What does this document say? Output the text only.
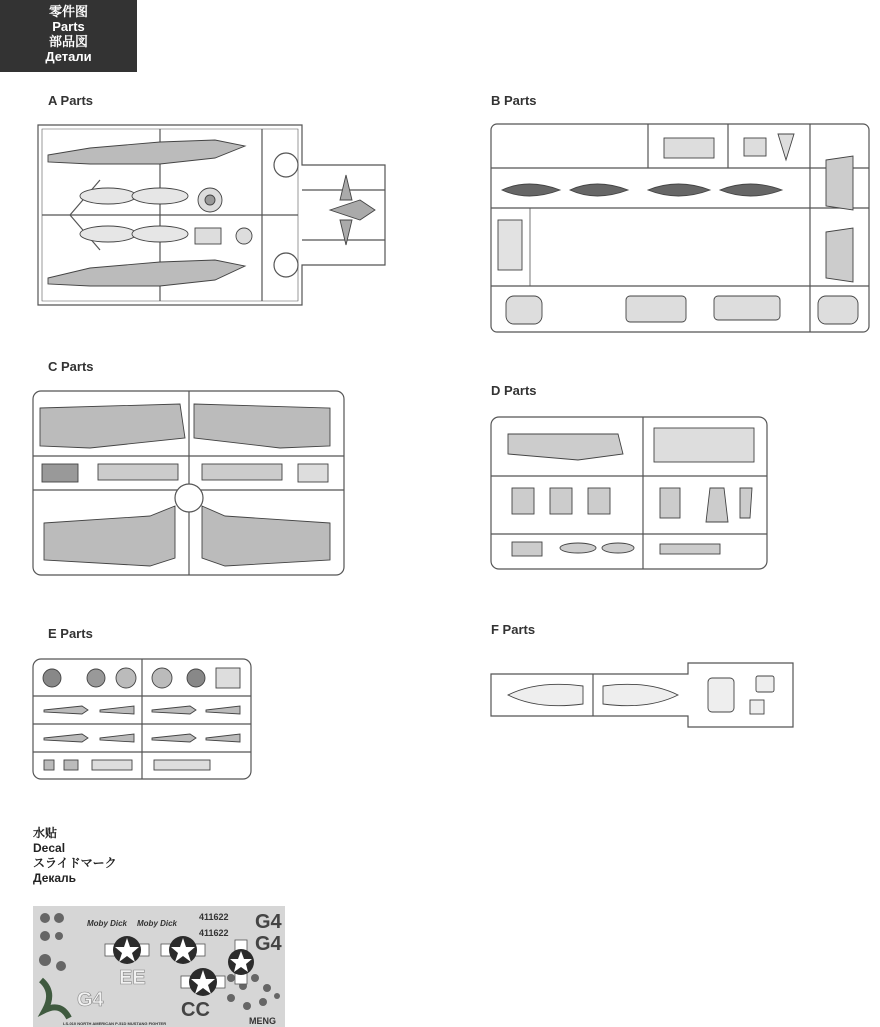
零件图
Parts
部品図
Детали
A Parts	B Parts
C Parts
D Parts
E Parts	F Parts
水贴
Decal
スライドマーク
Декаль
Moby Dick Moby Dick
411622
411622 G4
G4
EE
G4	CC	MENG
LS-010 NORTH AMERICAN P-51D MUSTANG FIGHTER
